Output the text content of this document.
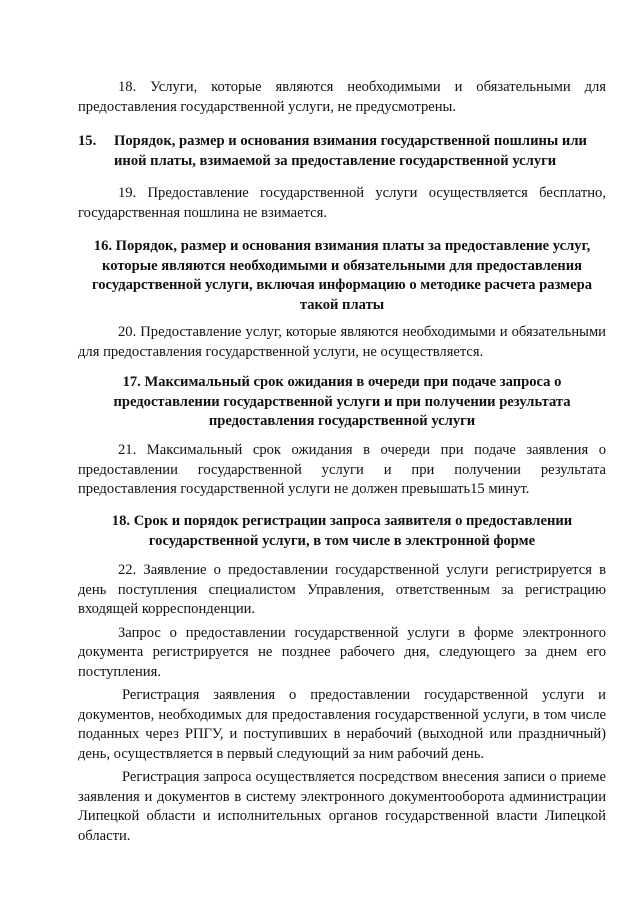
18. Услуги, которые являются необходимыми и обязательными для предоставления государственной услуги, не предусмотрены.

15.	Порядок, размер и основания взимания государственной пошлины или иной платы, взимаемой за предоставление государственной услуги

19. Предоставление государственной услуги осуществляется бесплатно, государственная пошлина не взимается.

16. Порядок, размер и основания взимания платы за предоставление услуг, которые являются необходимыми и обязательными для предоставления государственной услуги, включая информацию о методике расчета размера такой платы

20. Предоставление услуг, которые являются необходимыми и обязательными для предоставления государственной услуги, не осуществляется.

17. Максимальный срок ожидания в очереди при подаче запроса о предоставлении государственной услуги и при получении результата предоставления государственной услуги

21. Максимальный срок ожидания в очереди при подаче заявления о предоставлении государственной услуги и при получении результата предоставления государственной услуги не должен превышать15 минут.

18. Срок и порядок регистрации запроса заявителя о предоставлении государственной услуги, в том числе в электронной форме

22. Заявление о предоставлении государственной услуги регистрируется в день поступления специалистом Управления, ответственным за регистрацию входящей корреспонденции.

Запрос о предоставлении государственной услуги в форме электронного документа регистрируется не позднее рабочего дня, следующего за днем его поступления.

Регистрация заявления о предоставлении государственной услуги и документов, необходимых для предоставления государственной услуги, в том числе поданных через РПГУ, и поступивших в нерабочий (выходной или праздничный) день, осуществляется в первый следующий за ним рабочий день.

Регистрация запроса осуществляется посредством внесения записи о приеме заявления и документов в систему электронного документооборота администрации Липецкой области и исполнительных органов государственной власти Липецкой области.
